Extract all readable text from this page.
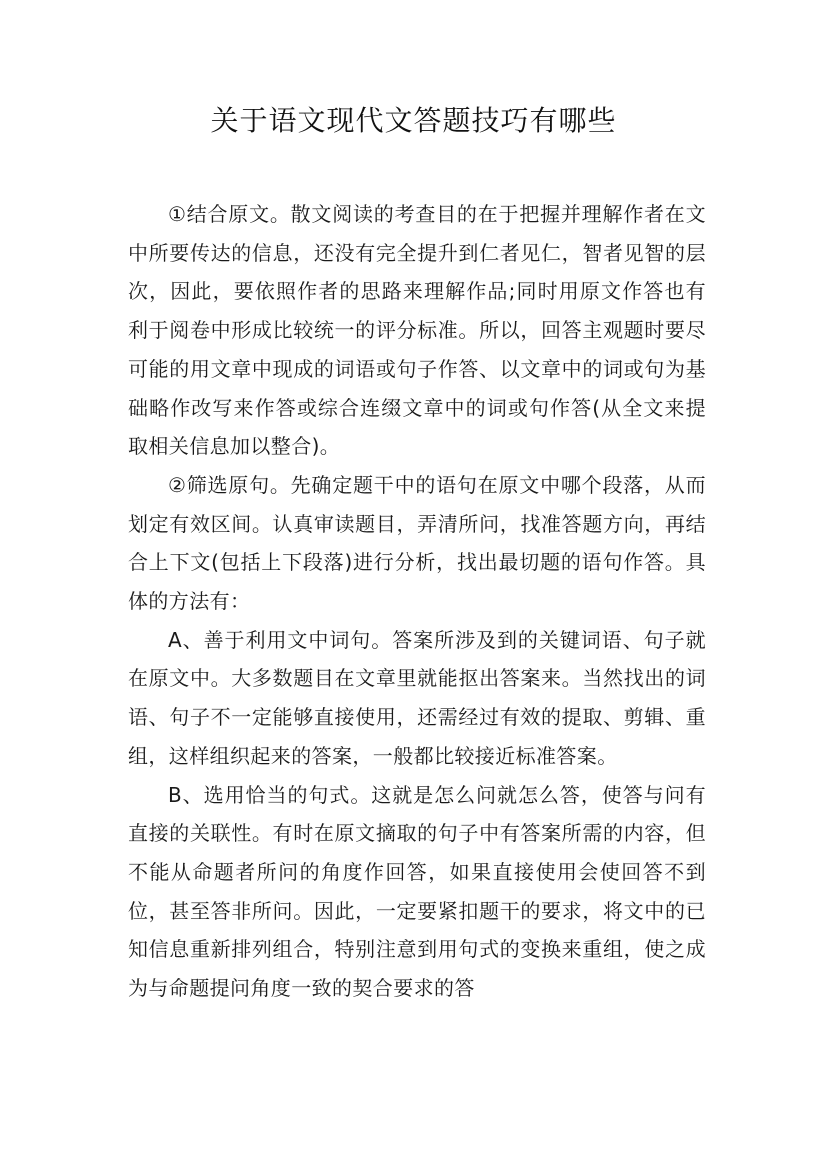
关于语文现代文答题技巧有哪些

①结合原文。散文阅读的考查目的在于把握并理解作者在文中所要传达的信息，还没有完全提升到仁者见仁，智者见智的层次，因此，要依照作者的思路来理解作品;同时用原文作答也有利于阅卷中形成比较统一的评分标准。所以，回答主观题时要尽可能的用文章中现成的词语或句子作答、以文章中的词或句为基础略作改写来作答或综合连缀文章中的词或句作答(从全文来提取相关信息加以整合)。

②筛选原句。先确定题干中的语句在原文中哪个段落，从而划定有效区间。认真审读题目，弄清所问，找准答题方向，再结合上下文(包括上下段落)进行分析，找出最切题的语句作答。具体的方法有：

A、善于利用文中词句。答案所涉及到的关键词语、句子就在原文中。大多数题目在文章里就能抠出答案来。当然找出的词语、句子不一定能够直接使用，还需经过有效的提取、剪辑、重组，这样组织起来的答案，一般都比较接近标准答案。

B、选用恰当的句式。这就是怎么问就怎么答，使答与问有直接的关联性。有时在原文摘取的句子中有答案所需的内容，但不能从命题者所问的角度作回答，如果直接使用会使回答不到位，甚至答非所问。因此，一定要紧扣题干的要求，将文中的已知信息重新排列组合，特别注意到用句式的变换来重组，使之成为与命题提问角度一致的契合要求的答
